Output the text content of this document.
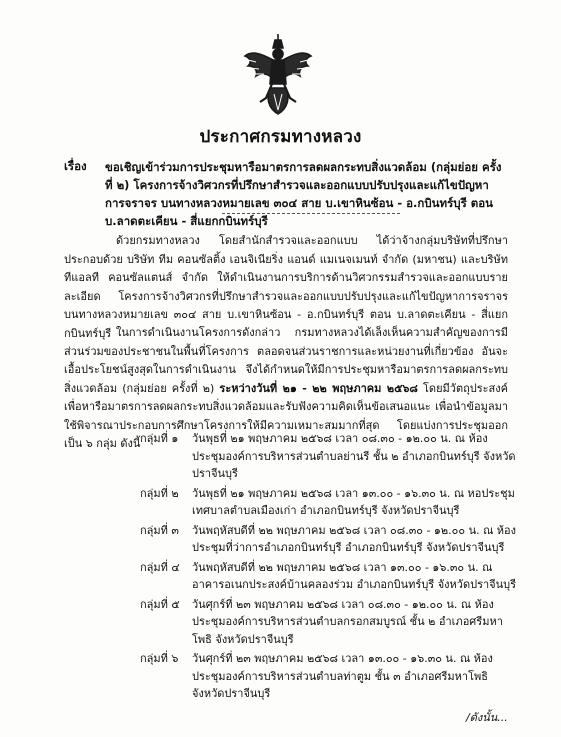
ประกาศกรมทางหลวง
เรื่อง ขอเชิญเข้าร่วมการประชุมหารือมาตรการลดผลกระทบสิ่งแวดล้อม (กลุ่มย่อย ครั้งที่ ๒) โครงการจ้างวิศวกรที่ปรึกษาสำรวจและออกแบบปรับปรุงและแก้ไขปัญหาการจราจร บนทางหลวงหมายเลข ๓๐๔ สาย บ.เขาหินซ้อน - อ.กบินทร์บุรี ตอน บ.ลาดตะเคียน - สี่แยกกบินทร์บุรี
ด้วยกรมทางหลวง โดยสำนักสำรวจและออกแบบ ได้ว่าจ้างกลุ่มบริษัทที่ปรึกษา ประกอบด้วย บริษัท ทีม คอนซัลติ้ง เอนจิเนียริ่ง แอนด์ แมเนจเมนท์ จำกัด (มหาชน) และบริษัท ทีแอลที คอนซัลแตนส์ จำกัด ให้ดำเนินงานการบริการด้านวิศวกรรมสำรวจและออกแบบรายละเอียด โครงการจ้างวิศวกรที่ปรึกษาสำรวจและออกแบบปรับปรุงและแก้ไขปัญหาการจราจร บนทางหลวงหมายเลข ๓๐๔ สาย บ.เขาหินซ้อน - อ.กบินทร์บุรี ตอน บ.ลาดตะเคียน - สี่แยกกบินทร์บุรี ในการดำเนินงานโครงการดังกล่าว กรมทางหลวงได้เล็งเห็นความสำคัญของการมีส่วนร่วมของประชาชนในพื้นที่โครงการ ตลอดจนส่วนราชการและหน่วยงานที่เกี่ยวข้อง อันจะเอื้อประโยชน์สูงสุดในการดำเนินงาน จึงได้กำหนดให้มีการประชุมหารือมาตรการลดผลกระทบสิ่งแวดล้อม (กลุ่มย่อย ครั้งที่ ๒) ระหว่างวันที่ ๒๑ - ๒๒ พฤษภาคม ๒๕๖๘ โดยมีวัตถุประสงค์เพื่อหารือมาตรการลดผลกระทบสิ่งแวดล้อมและรับฟังความคิดเห็นข้อเสนอแนะ เพื่อนำข้อมูลมาใช้พิจารณาประกอบการศึกษาโครงการให้มีความเหมาะสมมากที่สุด โดยแบ่งการประชุมออกเป็น ๖ กลุ่ม ดังนี้ กลุ่มที่ ๑	วันพุธที่ ๒๑ พฤษภาคม ๒๕๖๘ เวลา ๐๘.๓๐ - ๑๒.๐๐ น. ณ ห้องประชุมองค์การบริหารส่วนตำบลย่านรี ชั้น ๒ อำเภอกบินทร์บุรี จังหวัดปราจีนบุรี
กลุ่มที่ ๒	วันพุธที่ ๒๑ พฤษภาคม ๒๕๖๘ เวลา ๑๓.๐๐ - ๑๖.๓๐ น. ณ หอประชุมเทศบาลตำบลเมืองเก่า อำเภอกบินทร์บุรี จังหวัดปราจีนบุรี
กลุ่มที่ ๓	วันพฤหัสบดีที่ ๒๒ พฤษภาคม ๒๕๖๘ เวลา ๐๘.๓๐ - ๑๒.๐๐ น. ณ ห้องประชุมที่ว่าการอำเภอกบินทร์บุรี อำเภอกบินทร์บุรี จังหวัดปราจีนบุรี
กลุ่มที่ ๔	วันพฤหัสบดีที่ ๒๒ พฤษภาคม ๒๕๖๘ เวลา ๑๓.๐๐ - ๑๖.๓๐ น. ณ อาคารอเนกประสงค์บ้านคลองร่วม อำเภอกบินทร์บุรี จังหวัดปราจีนบุรี
กลุ่มที่ ๕	วันศุกร์ที่ ๒๓ พฤษภาคม ๒๕๖๘ เวลา ๐๘.๓๐ - ๑๒.๐๐ น. ณ ห้องประชุมองค์การบริหารส่วนตำบลกรอกสมบูรณ์ ชั้น ๒ อำเภอศรีมหาโพธิ จังหวัดปราจีนบุรี
กลุ่มที่ ๖	วันศุกร์ที่ ๒๓ พฤษภาคม ๒๕๖๘ เวลา ๑๓.๐๐ - ๑๖.๓๐ น. ณ ห้องประชุมองค์การบริหารส่วนตำบลท่าตูม ชั้น ๓ อำเภอศรีมหาโพธิ จังหวัดปราจีนบุรี
/ดังนั้น...
